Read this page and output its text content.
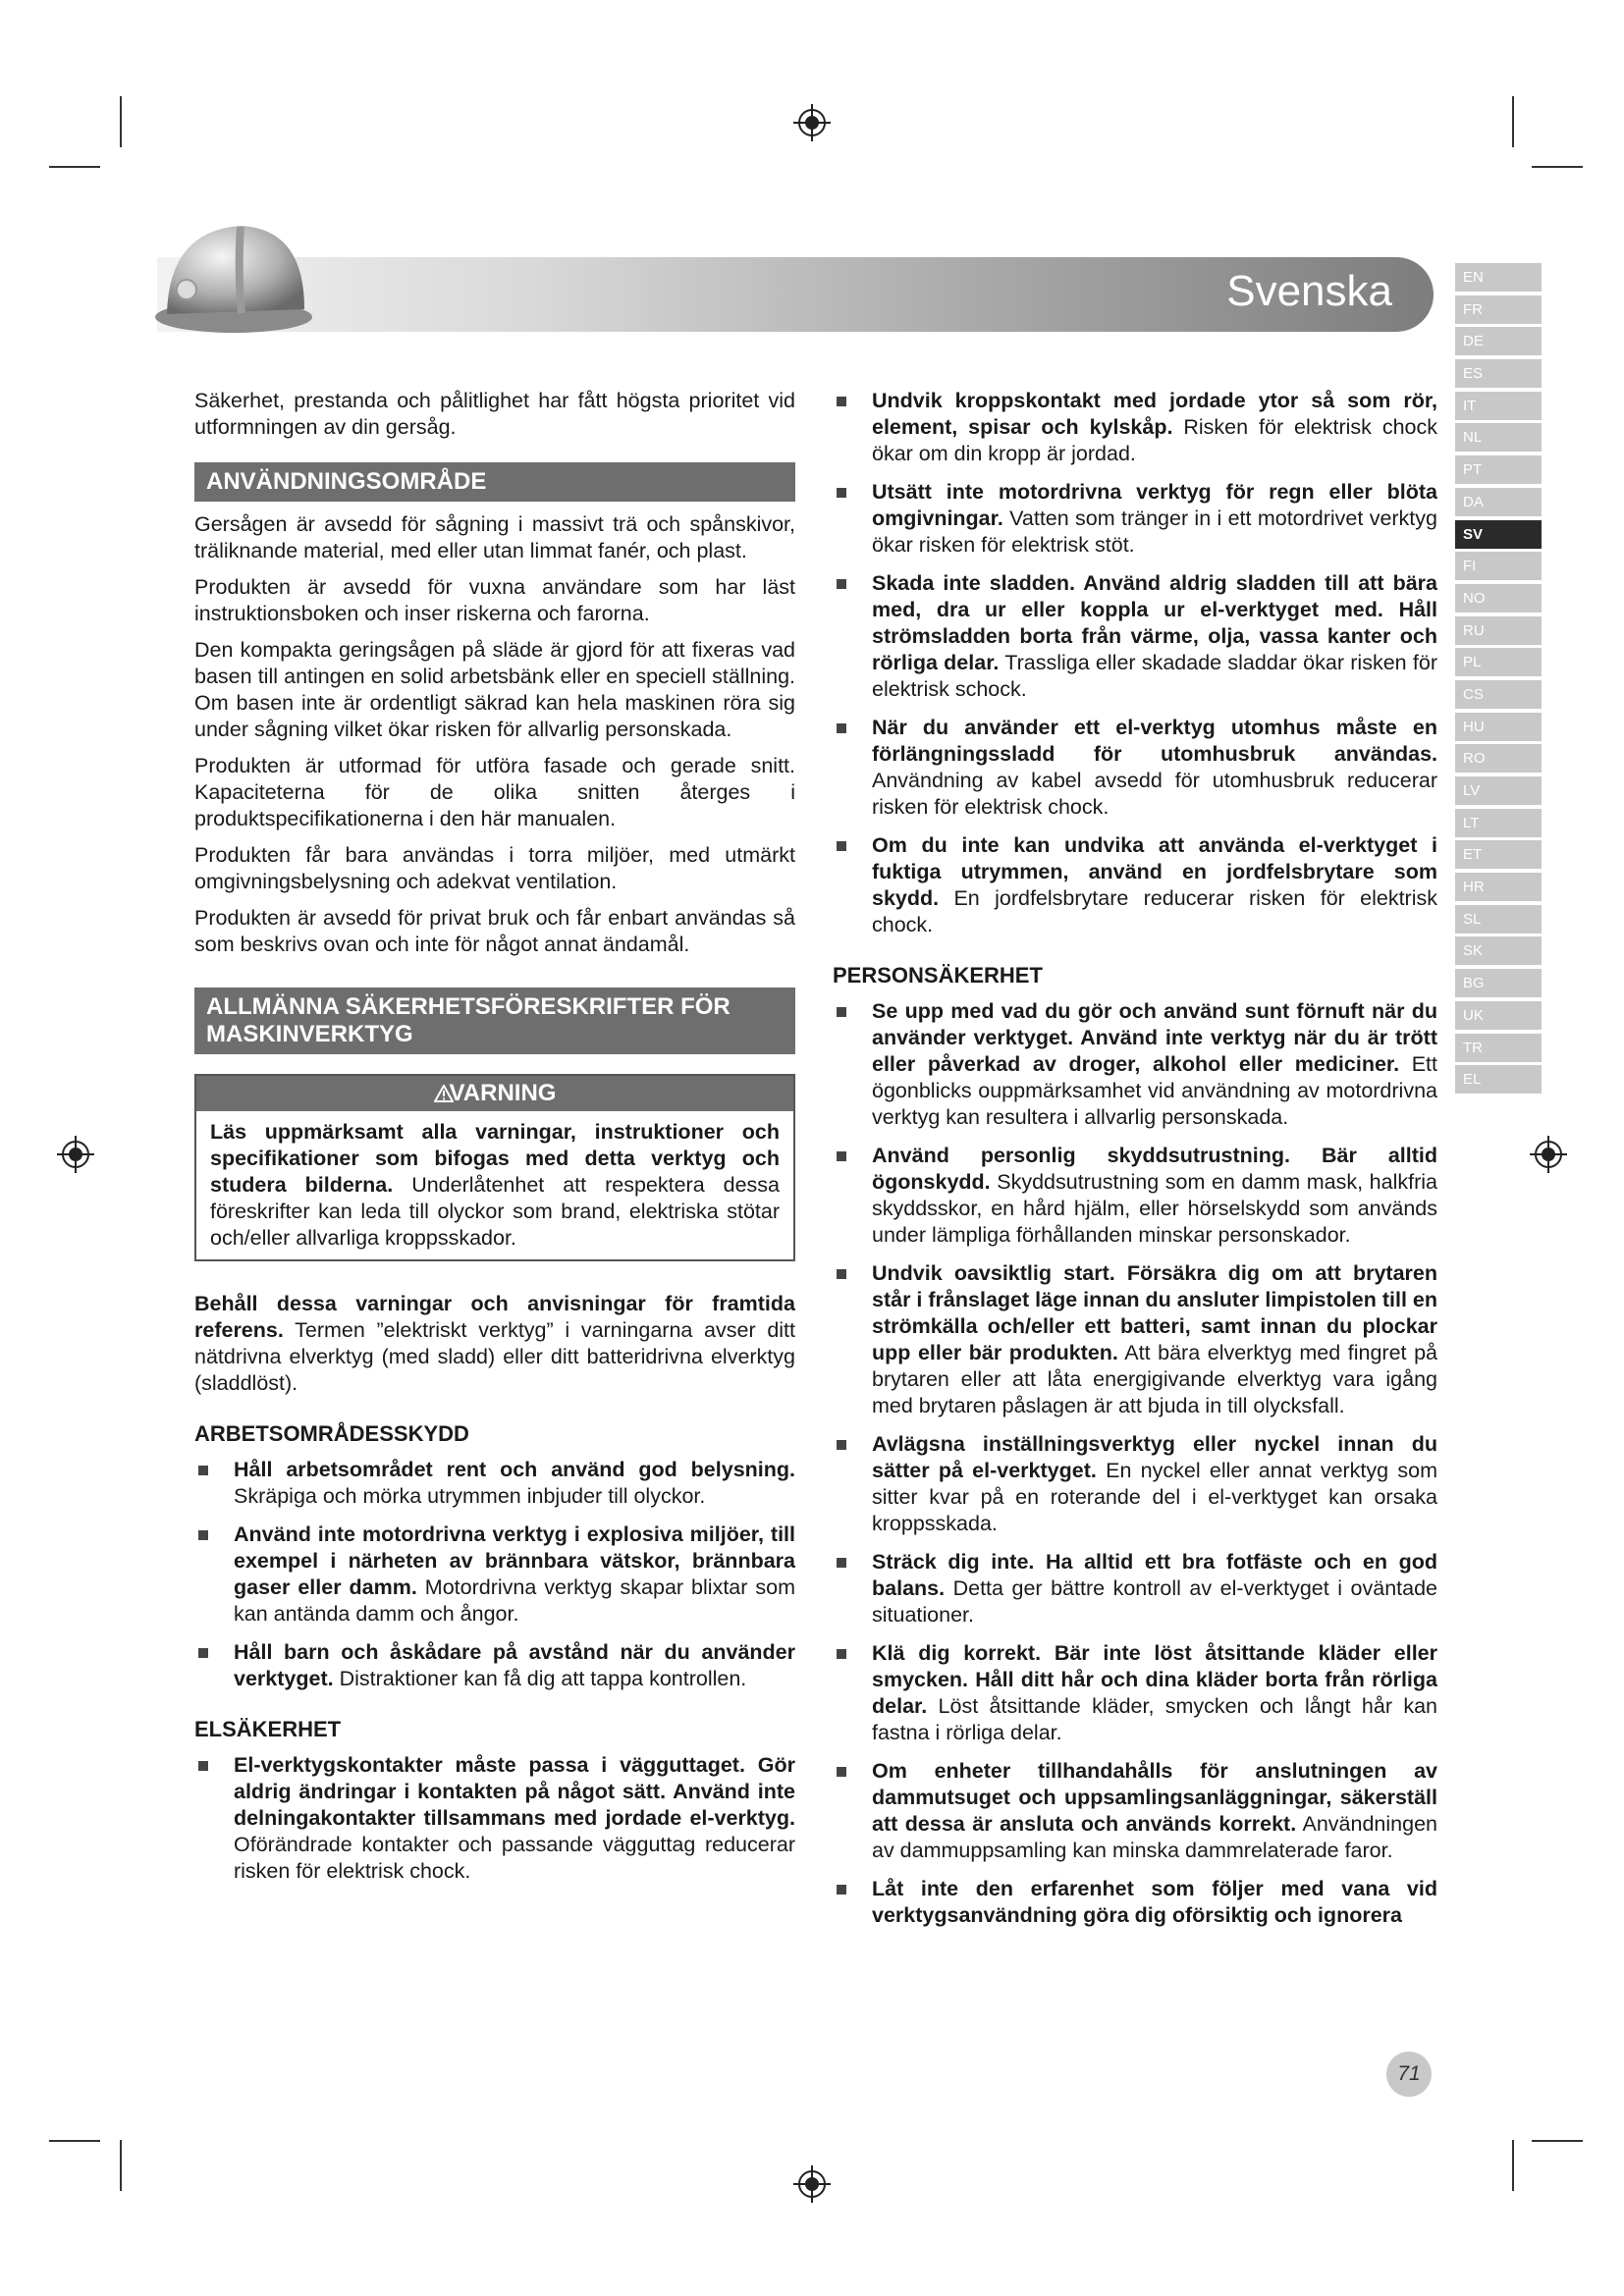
Svenska	EN
FR
DE
ES
IT
NL
PT
DA
SV
FI
NO
RU
PL
CS
HU
RO
LV
LT
ET
HR
SL
SK
BG
UK
TR
EL

Säkerhet, prestanda och pålitlighet har fått högsta prioritet vid utformningen av din gersåg.

ANVÄNDNINGSOMRÅDE

Gersågen är avsedd för sågning i massivt trä och spånskivor, träliknande material, med eller utan limmat fanér, och plast.

Produkten är avsedd för vuxna användare som har läst instruktionsboken och inser riskerna och farorna.

Den kompakta geringsågen på släde är gjord för att fixeras vad basen till antingen en solid arbetsbänk eller en speciell ställning. Om basen inte är ordentligt säkrad kan hela maskinen röra sig under sågning vilket ökar risken för allvarlig personskada.

Produkten är utformad för utföra fasade och gerade snitt. Kapaciteterna för de olika snitten återges i produktspecifikationerna i den här manualen.

Produkten får bara användas i torra miljöer, med utmärkt omgivningsbelysning och adekvat ventilation.

Produkten är avsedd för privat bruk och får enbart användas så som beskrivs ovan och inte för något annat ändamål.

ALLMÄNNA SÄKERHETSFÖRESKRIFTER FÖR MASKINVERKTYG
VARNING
Läs uppmärksamt alla varningar, instruktioner och specifikationer som bifogas med detta verktyg och studera bilderna. Underlåtenhet att respektera dessa föreskrifter kan leda till olyckor som brand, elektriska stötar och/eller allvarliga kroppsskador.

Behåll dessa varningar och anvisningar för framtida referens. Termen ”elektriskt verktyg” i varningarna avser ditt nätdrivna elverktyg (med sladd) eller ditt batteridrivna elverktyg (sladdlöst).

ARBETSOMRÅDESSKYDD
Håll arbetsområdet rent och använd god belysning. Skräpiga och mörka utrymmen inbjuder till olyckor.
Använd inte motordrivna verktyg i explosiva miljöer, till exempel i närheten av brännbara vätskor, brännbara gaser eller damm. Motordrivna verktyg skapar blixtar som kan antända damm och ångor.
Håll barn och åskådare på avstånd när du använder verktyget. Distraktioner kan få dig att tappa kontrollen.
ELSÄKERHET
El-verktygskontakter måste passa i vägguttaget. Gör aldrig ändringar i kontakten på något sätt. Använd inte delningakontakter tillsammans med jordade el-verktyg. Oförändrade kontakter och passande vägguttag reducerar risken för elektrisk chock.
Undvik kroppskontakt med jordade ytor så som rör, element, spisar och kylskåp. Risken för elektrisk chock ökar om din kropp är jordad.
Utsätt inte motordrivna verktyg för regn eller blöta omgivningar. Vatten som tränger in i ett motordrivet verktyg ökar risken för elektrisk stöt.
Skada inte sladden. Använd aldrig sladden till att bära med, dra ur eller koppla ur el-verktyget med. Håll strömsladden borta från värme, olja, vassa kanter och rörliga delar. Trassliga eller skadade sladdar ökar risken för elektrisk schock.
När du använder ett el-verktyg utomhus måste en förlängningssladd för utomhusbruk användas. Användning av kabel avsedd för utomhusbruk reducerar risken för elektrisk chock.
Om du inte kan undvika att använda el-verktyget i fuktiga utrymmen, använd en jordfelsbrytare som skydd. En jordfelsbrytare reducerar risken för elektrisk chock.
PERSONSÄKERHET
Se upp med vad du gör och använd sunt förnuft när du använder verktyget. Använd inte verktyg när du är trött eller påverkad av droger, alkohol eller mediciner. Ett ögonblicks ouppmärksamhet vid användning av motordrivna verktyg kan resultera i allvarlig personskada.
Använd personlig skyddsutrustning. Bär alltid ögonskydd. Skyddsutrustning som en damm mask, halkfria skyddsskor, en hård hjälm, eller hörselskydd som används under lämpliga förhållanden minskar personskador.
Undvik oavsiktlig start. Försäkra dig om att brytaren står i frånslaget läge innan du ansluter limpistolen till en strömkälla och/eller ett batteri, samt innan du plockar upp eller bär produkten. Att bära elverktyg med fingret på brytaren eller att låta energigivande elverktyg vara igång med brytaren påslagen är att bjuda in till olycksfall.
Avlägsna inställningsverktyg eller nyckel innan du sätter på el-verktyget. En nyckel eller annat verktyg som sitter kvar på en roterande del i el-verktyget kan orsaka kroppsskada.
Sträck dig inte. Ha alltid ett bra fotfäste och en god balans. Detta ger bättre kontroll av el-verktyget i oväntade situationer.
Klä dig korrekt. Bär inte löst åtsittande kläder eller smycken. Håll ditt hår och dina kläder borta från rörliga delar. Löst åtsittande kläder, smycken och långt hår kan fastna i rörliga delar.
Om enheter tillhandahålls för anslutningen av dammutsuget och uppsamlingsanläggningar, säkerställ att dessa är ansluta och används korrekt. Användningen av dammuppsamling kan minska dammrelaterade faror.
Låt inte den erfarenhet som följer med vana vid verktygsanvändning göra dig oförsiktig och ignorera
71
